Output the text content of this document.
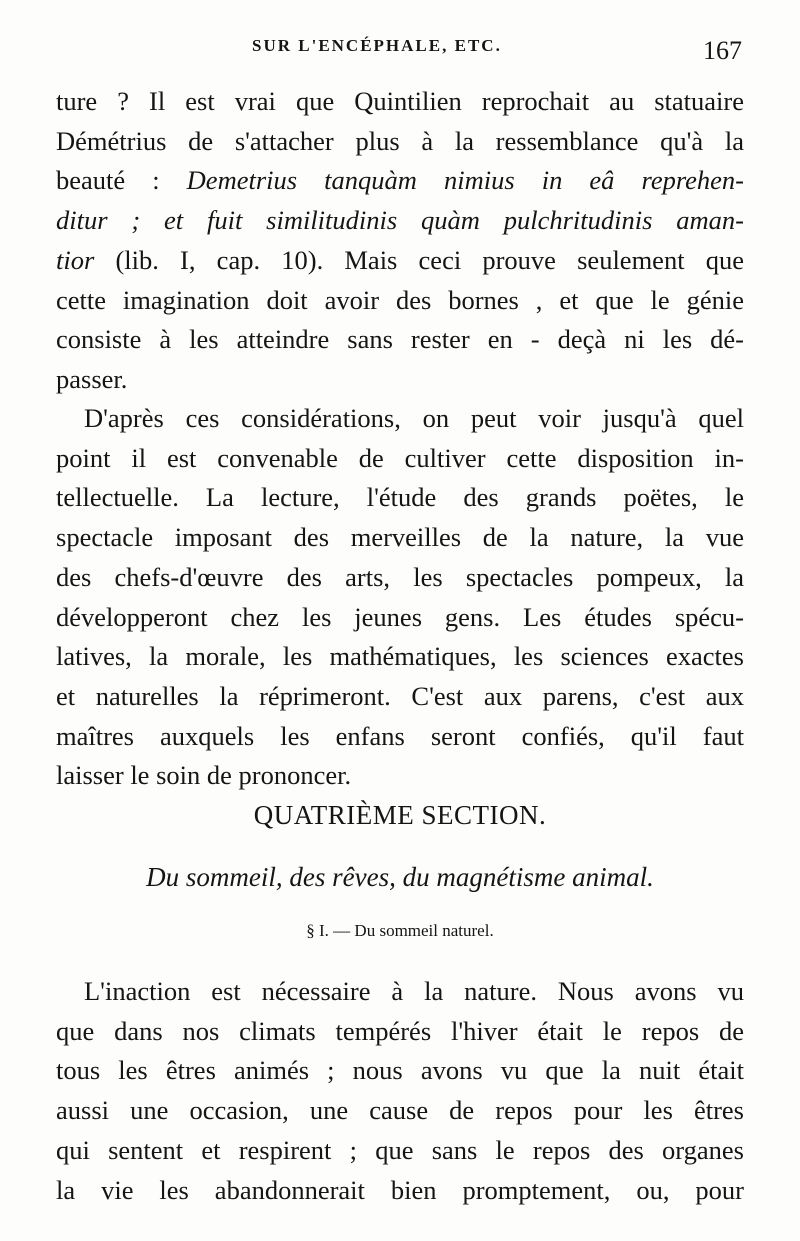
SUR L'ENCÉPHALE, ETC.	167
ture ? Il est vrai que Quintilien reprochait au statuaire
Démétrius de s'attacher plus à la ressemblance qu'à la
beauté : Demetrius tanquàm nimius in eâ reprehen-
ditur ; et fuit similitudinis quàm pulchritudinis aman-
tior (lib. I, cap. 10). Mais ceci prouve seulement que
cette imagination doit avoir des bornes , et que le génie
consiste à les atteindre sans rester en - deçà ni les dé-
passer.
D'après ces considérations, on peut voir jusqu'à quel
point il est convenable de cultiver cette disposition in-
tellectuelle. La lecture, l'étude des grands poëtes, le
spectacle imposant des merveilles de la nature, la vue
des chefs-d'œuvre des arts, les spectacles pompeux, la
développeront chez les jeunes gens. Les études spécu-
latives, la morale, les mathématiques, les sciences exactes
et naturelles la réprimeront. C'est aux parens, c'est aux
maîtres auxquels les enfans seront confiés, qu'il faut
laisser le soin de prononcer.
QUATRIÈME SECTION.
Du sommeil, des rêves, du magnétisme animal.
§ I. — Du sommeil naturel.
L'inaction est nécessaire à la nature. Nous avons vu
que dans nos climats tempérés l'hiver était le repos de
tous les êtres animés ; nous avons vu que la nuit était
aussi une occasion, une cause de repos pour les êtres
qui sentent et respirent ; que sans le repos des organes
la vie les abandonnerait bien promptement, ou, pour
